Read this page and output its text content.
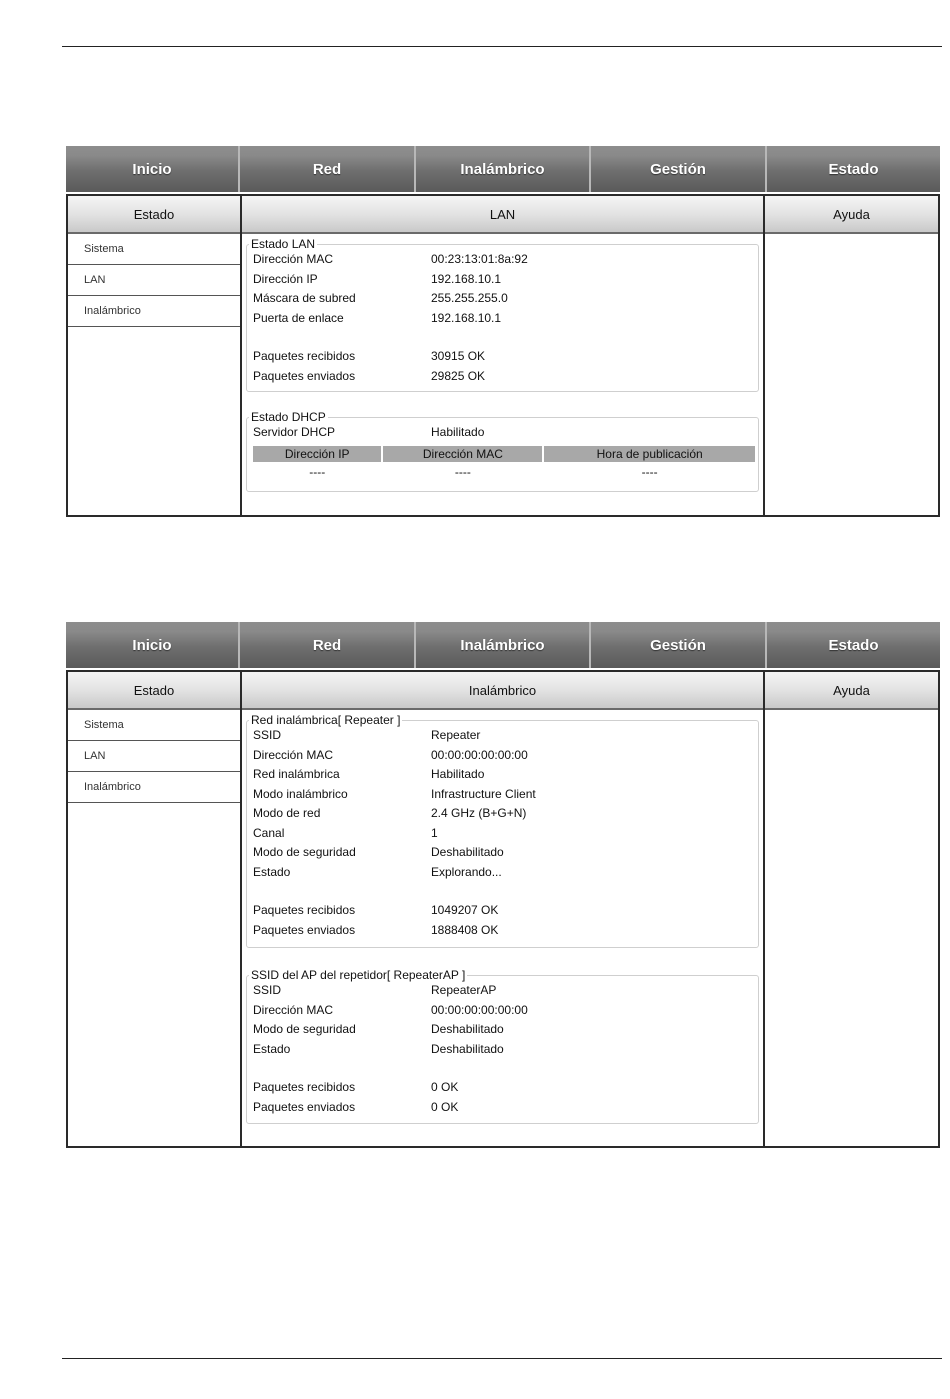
Inicio	Red	Inalámbrico	Gestión	Estado
Estado
Sistema
LAN
Inalámbrico
LAN
Estado LAN
Dirección MAC	00:23:13:01:8a:92
Dirección IP	192.168.10.1
Máscara de subred	255.255.255.0
Puerta de enlace	192.168.10.1
Paquetes recibidos	30915 OK
Paquetes enviados	29825 OK
Estado DHCP
Servidor DHCP	Habilitado
Dirección IP	Dirección MAC	Hora de publicación
----	----	----
Ayuda
Inicio	Red	Inalámbrico	Gestión	Estado
Estado
Sistema
LAN
Inalámbrico
Inalámbrico
Red inalámbrica[ Repeater ]
SSID	Repeater
Dirección MAC	00:00:00:00:00:00
Red inalámbrica	Habilitado
Modo inalámbrico	Infrastructure Client
Modo de red	2.4 GHz (B+G+N)
Canal	1
Modo de seguridad	Deshabilitado
Estado	Explorando...
Paquetes recibidos	1049207 OK
Paquetes enviados	1888408 OK
SSID del AP del repetidor[ RepeaterAP ]
SSID	RepeaterAP
Dirección MAC	00:00:00:00:00:00
Modo de seguridad	Deshabilitado
Estado	Deshabilitado
Paquetes recibidos	0 OK
Paquetes enviados	0 OK
Ayuda
